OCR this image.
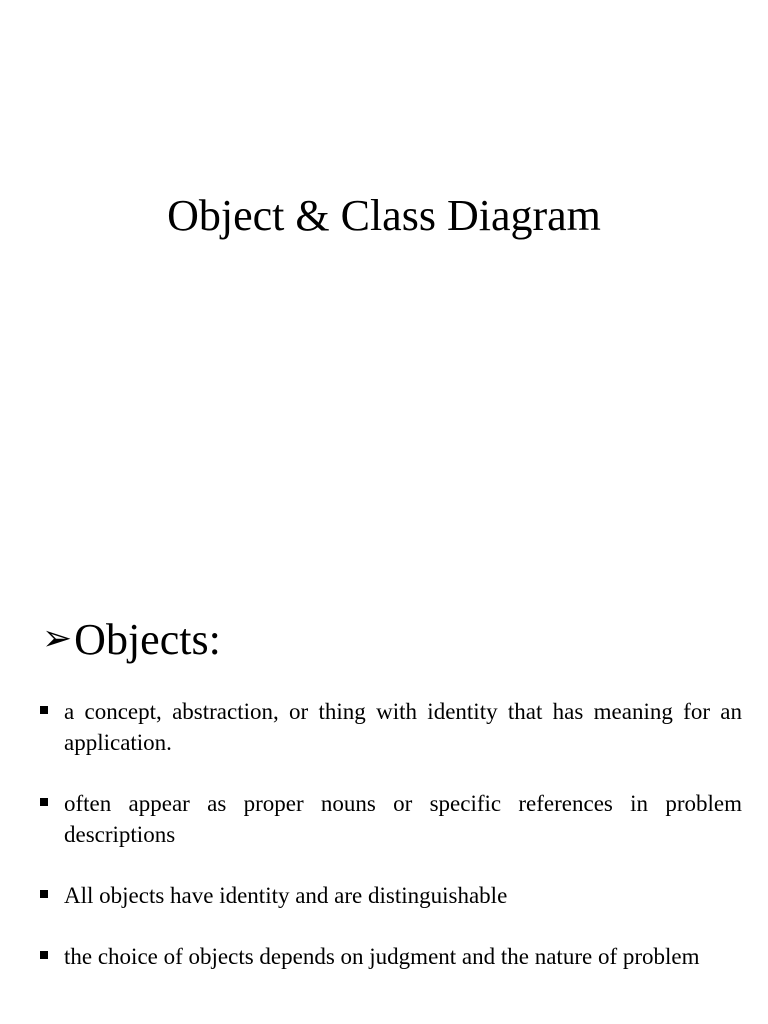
Object & Class Diagram
➢Objects:
a concept, abstraction, or thing with identity that has meaning for an application.
often appear as proper nouns or specific references in problem descriptions
All objects have identity and are distinguishable
the choice of objects depends on judgment and the nature of problem
